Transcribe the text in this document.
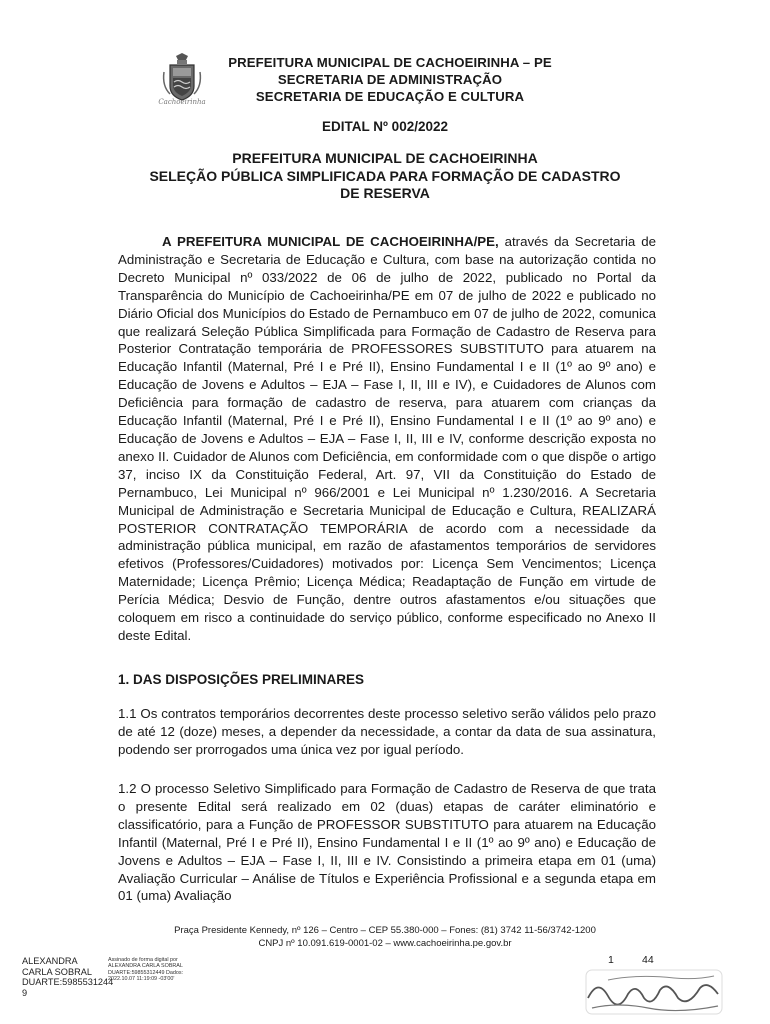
Cachoeirinha
PREFEITURA MUNICIPAL DE CACHOEIRINHA – PE
SECRETARIA DE ADMINISTRAÇÃO
SECRETARIA DE EDUCAÇÃO E CULTURA
EDITAL Nº 002/2022
PREFEITURA MUNICIPAL DE CACHOEIRINHA
SELEÇÃO PÚBLICA SIMPLIFICADA PARA FORMAÇÃO DE CADASTRO
DE RESERVA

A PREFEITURA MUNICIPAL DE CACHOEIRINHA/PE, através da Secretaria de Administração e Secretaria de Educação e Cultura, com base na autorização contida no Decreto Municipal nº 033/2022 de 06 de julho de 2022, publicado no Portal da Transparência do Município de Cachoeirinha/PE em 07 de julho de 2022 e publicado no Diário Oficial dos Municípios do Estado de Pernambuco em 07 de julho de 2022, comunica que realizará Seleção Pública Simplificada para Formação de Cadastro de Reserva para Posterior Contratação temporária de PROFESSORES SUBSTITUTO para atuarem na Educação Infantil (Maternal, Pré I e Pré II), Ensino Fundamental I e II (1º ao 9º ano) e Educação de Jovens e Adultos – EJA – Fase I, II, III e IV), e Cuidadores de Alunos com Deficiência para formação de cadastro de reserva, para atuarem com crianças da Educação Infantil (Maternal, Pré I e Pré II), Ensino Fundamental I e II (1º ao 9º ano) e Educação de Jovens e Adultos – EJA – Fase I, II, III e IV, conforme descrição exposta no anexo II. Cuidador de Alunos com Deficiência, em conformidade com o que dispõe o artigo 37, inciso IX da Constituição Federal, Art. 97, VII da Constituição do Estado de Pernambuco, Lei Municipal nº 966/2001 e Lei Municipal nº 1.230/2016. A Secretaria Municipal de Administração e Secretaria Municipal de Educação e Cultura, REALIZARÁ POSTERIOR CONTRATAÇÃO TEMPORÁRIA de acordo com a necessidade da administração pública municipal, em razão de afastamentos temporários de servidores efetivos (Professores/Cuidadores) motivados por: Licença Sem Vencimentos; Licença Maternidade; Licença Prêmio; Licença Médica; Readaptação de Função em virtude de Perícia Médica; Desvio de Função, dentre outros afastamentos e/ou situações que coloquem em risco a continuidade do serviço público, conforme especificado no Anexo II deste Edital.

1. DAS DISPOSIÇÕES PRELIMINARES

1.1 Os contratos temporários decorrentes deste processo seletivo serão válidos pelo prazo de até 12 (doze) meses, a depender da necessidade, a contar da data de sua assinatura, podendo ser prorrogados uma única vez por igual período.

1.2 O processo Seletivo Simplificado para Formação de Cadastro de Reserva de que trata o presente Edital será realizado em 02 (duas) etapas de caráter eliminatório e classificatório, para a Função de PROFESSOR SUBSTITUTO para atuarem na Educação Infantil (Maternal, Pré I e Pré II), Ensino Fundamental I e II (1º ao 9º ano) e Educação de Jovens e Adultos – EJA – Fase I, II, III e IV. Consistindo a primeira etapa em 01 (uma) Avaliação Curricular – Análise de Títulos e Experiência Profissional e a segunda etapa em 01 (uma) Avaliação

Praça Presidente Kennedy, nº 126 – Centro – CEP 55.380-000 – Fones: (81) 3742 11-56/3742-1200
CNPJ nº 10.091.619-0001-02 – www.cachoeirinha.pe.gov.br
ALEXANDRA CARLA SOBRAL DUARTE:5985531244 9
Assinado de forma digital por ALEXANDRA CARLA SOBRAL DUARTE:59855312449 Dados: 2022.10.07 11:19:09 -03'00'
1	44
